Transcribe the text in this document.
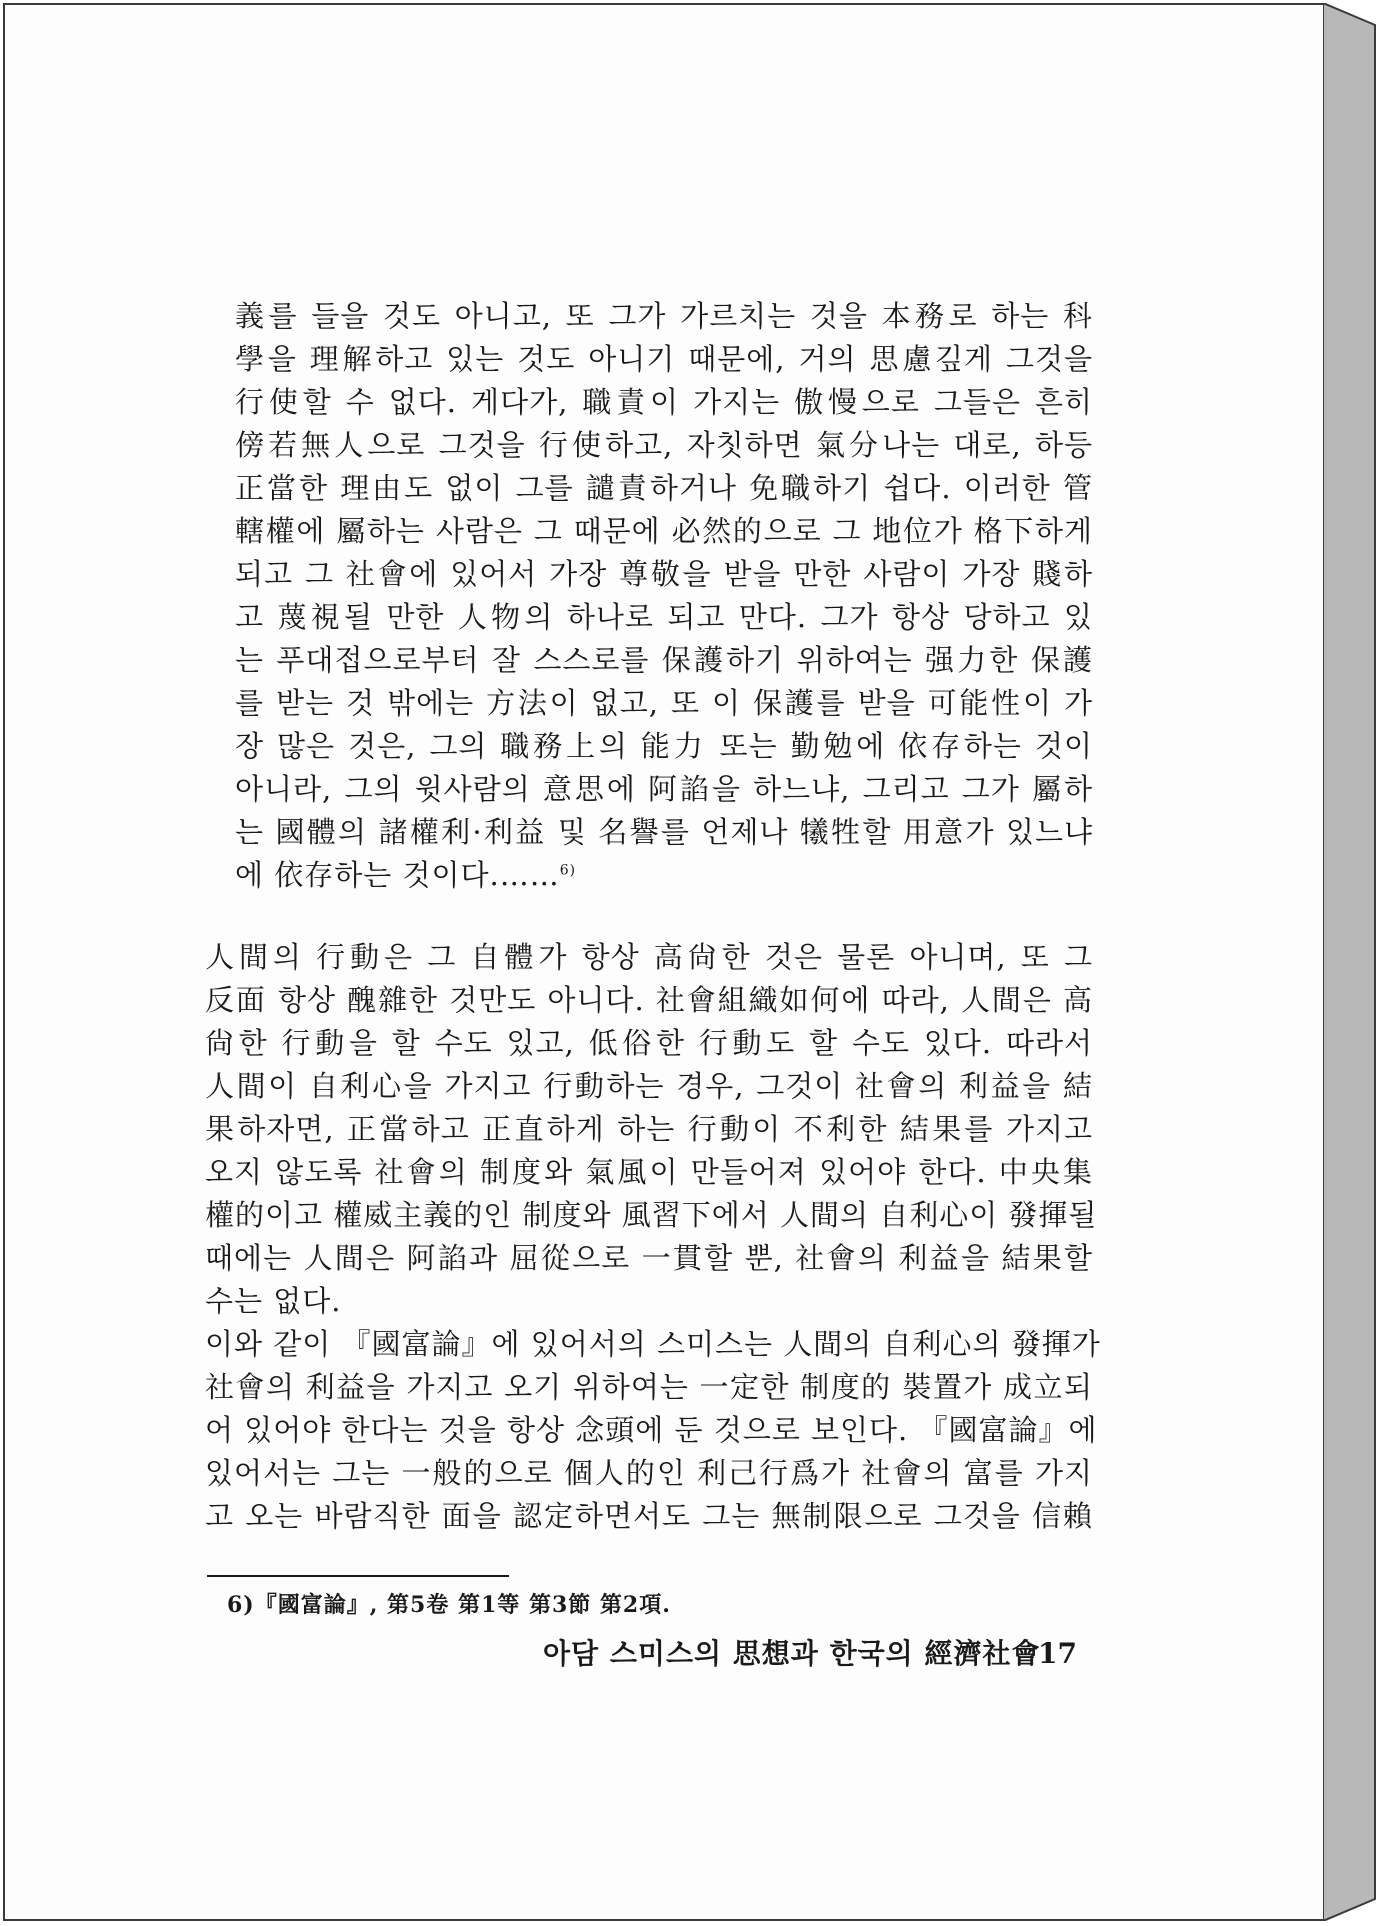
義를 들을 것도 아니고, 또 그가 가르치는 것을 本務로 하는 科
學을 理解하고 있는 것도 아니기 때문에, 거의 思慮깊게 그것을
行使할 수 없다. 게다가, 職責이 가지는 傲慢으로 그들은 흔히
傍若無人으로 그것을 行使하고, 자칫하면 氣分나는 대로, 하등
正當한 理由도 없이 그를 譴責하거나 免職하기 쉽다. 이러한 管
轄權에 屬하는 사람은 그 때문에 必然的으로 그 地位가 格下하게
되고 그 社會에 있어서 가장 尊敬을 받을 만한 사람이 가장 賤하
고 蔑視될 만한 人物의 하나로 되고 만다. 그가 항상 당하고 있
는 푸대접으로부터 잘 스스로를 保護하기 위하여는 强力한 保護
를 받는 것 밖에는 方法이 없고, 또 이 保護를 받을 可能性이 가
장 많은 것은, 그의 職務上의 能力 또는 勤勉에 依存하는 것이
아니라, 그의 윗사람의 意思에 阿諂을 하느냐, 그리고 그가 屬하
는 國體의 諸權利·利益 및 名譽를 언제나 犧牲할 用意가 있느냐
에 依存하는 것이다.……$^{6)}$
人間의 行動은 그 自體가 항상 高尙한 것은 물론 아니며, 또 그
反面 항상 醜雜한 것만도 아니다. 社會組織如何에 따라, 人間은 高
尙한 行動을 할 수도 있고, 低俗한 行動도 할 수도 있다. 따라서
人間이 自利心을 가지고 行動하는 경우, 그것이 社會의 利益을 結
果하자면, 正當하고 正直하게 하는 行動이 不利한 結果를 가지고
오지 않도록 社會의 制度와 氣風이 만들어져 있어야 한다. 中央集
權的이고 權威主義的인 制度와 風習下에서 人間의 自利心이 發揮될
때에는 人間은 阿諂과 屈從으로 一貫할 뿐, 社會의 利益을 結果할
수는 없다.
이와 같이 『國富論』에 있어서의 스미스는 人間의 自利心의 發揮가
社會의 利益을 가지고 오기 위하여는 一定한 制度的 裝置가 成立되
어 있어야 한다는 것을 항상 念頭에 둔 것으로 보인다. 『國富論』에
있어서는 그는 一般的으로 個人的인 利己行爲가 社會의 富를 가지
고 오는 바람직한 面을 認定하면서도 그는 無制限으로 그것을 信賴
6)『國富論』, 第5卷 第1等 第3節 第2項.
아담 스미스의 思想과 한국의 經濟社會
17
